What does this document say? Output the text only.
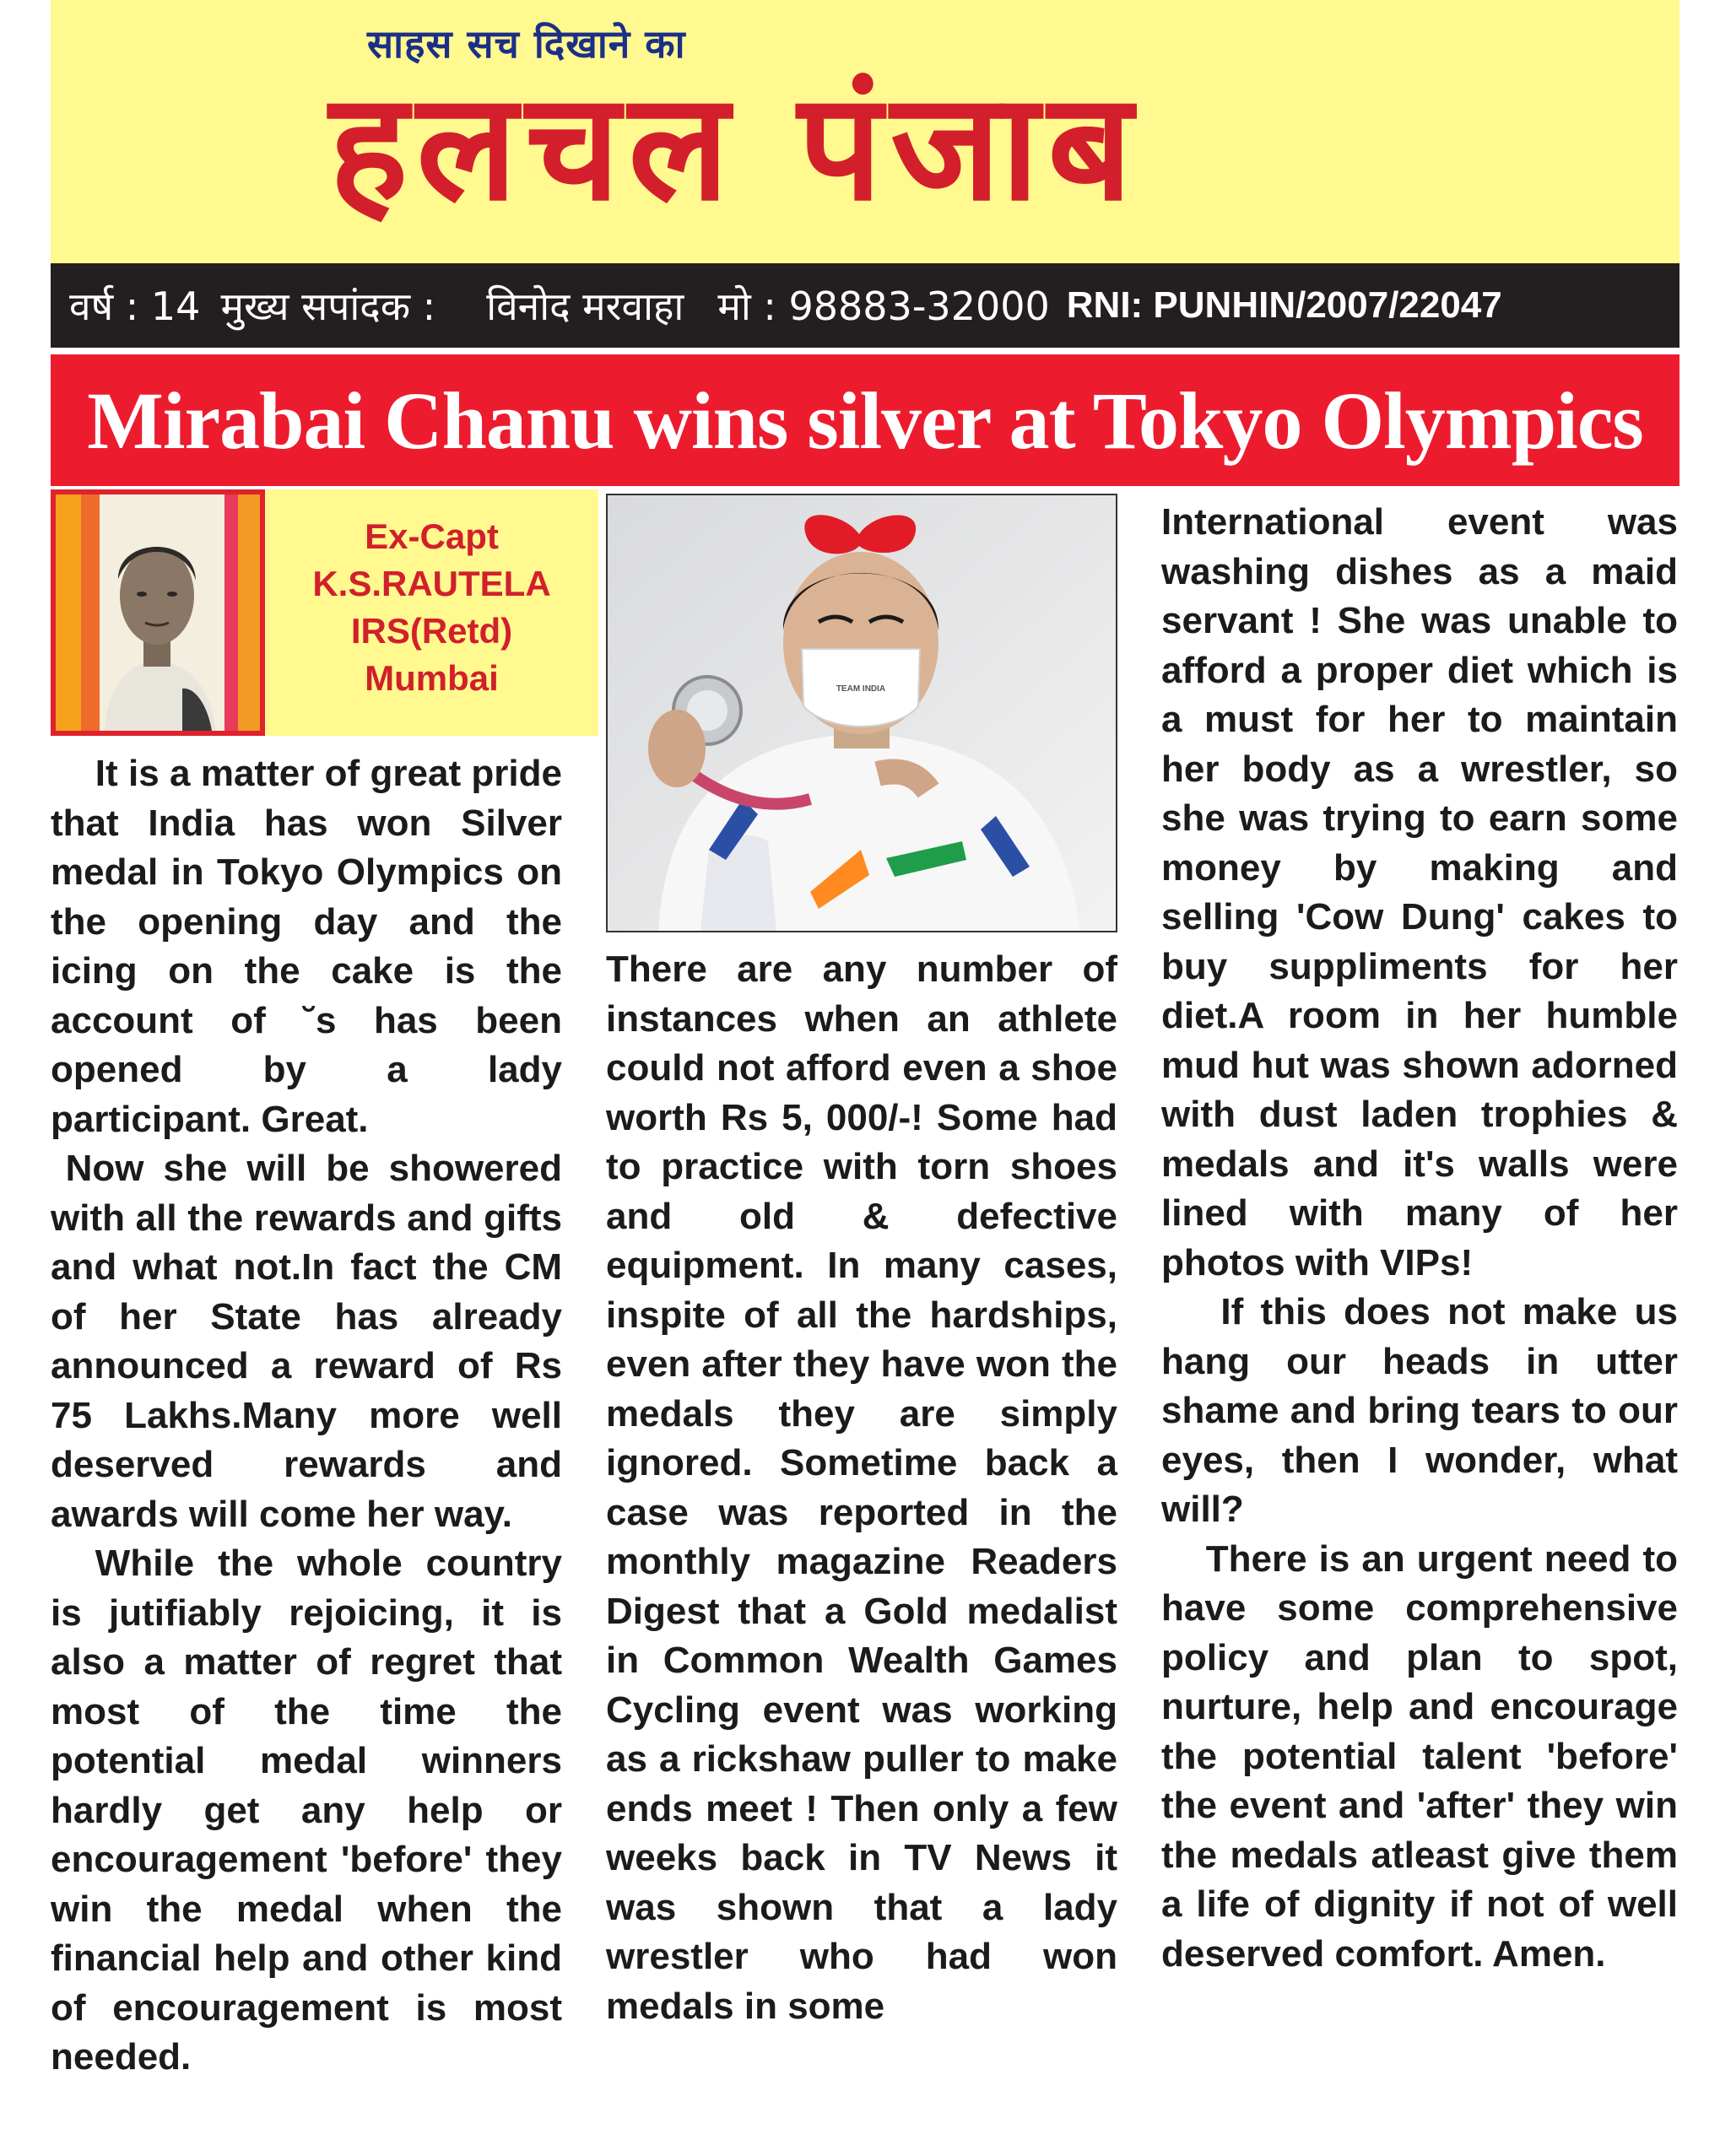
साहस सच दिखाने का
हलचल पंजाब
वर्ष : 14 मुख्य सपांदक : विनोद मरवाहा मो : 98883-32000 RNI: PUNHIN/2007/22047
Mirabai Chanu wins silver at Tokyo Olympics
Ex-Capt
K.S.RAUTELA
IRS(Retd)
Mumbai	TEAM INDIA

It is a matter of great pride that India has won Silver medal in Tokyo Olympics on the opening day and the icing on the cake is the account of ˘s has been opened by a lady participant. Great.

Now she will be showered with all the rewards and gifts and what not.In fact the CM of her State has already announced a reward of Rs 75 Lakhs.Many more well deserved rewards and awards will come her way.

While the whole country is jutifiably rejoicing, it is also a matter of regret that most of the time the potential medal winners hardly get any help or encouragement 'before' they win the medal when the financial help and other kind of encouragement is most needed.

There are any number of instances when an athlete could not afford even a shoe worth Rs 5, 000/-! Some had to practice with torn shoes and old & defective equipment. In many cases, inspite of all the hardships, even after they have won the medals they are simply ignored. Sometime back a case was reported in the monthly magazine Readers Digest that a Gold medalist in Common Wealth Games Cycling event was working as a rickshaw puller to make ends meet ! Then only a few weeks back in TV News it was shown that a lady wrestler who had won medals in some

International event was washing dishes as a maid servant ! She was unable to afford a proper diet which is a must for her to maintain her body as a wrestler, so she was trying to earn some money by making and selling 'Cow Dung' cakes to buy suppliments for her diet.A room in her humble mud hut was shown adorned with dust laden trophies & medals and it's walls were lined with many of her photos with VIPs!

If this does not make us hang our heads in utter shame and bring tears to our eyes, then I wonder, what will?

There is an urgent need to have some comprehensive policy and plan to spot, nurture, help and encourage the potential talent 'before' the event and 'after' they win the medals atleast give them a life of dignity if not of well deserved comfort. Amen.
